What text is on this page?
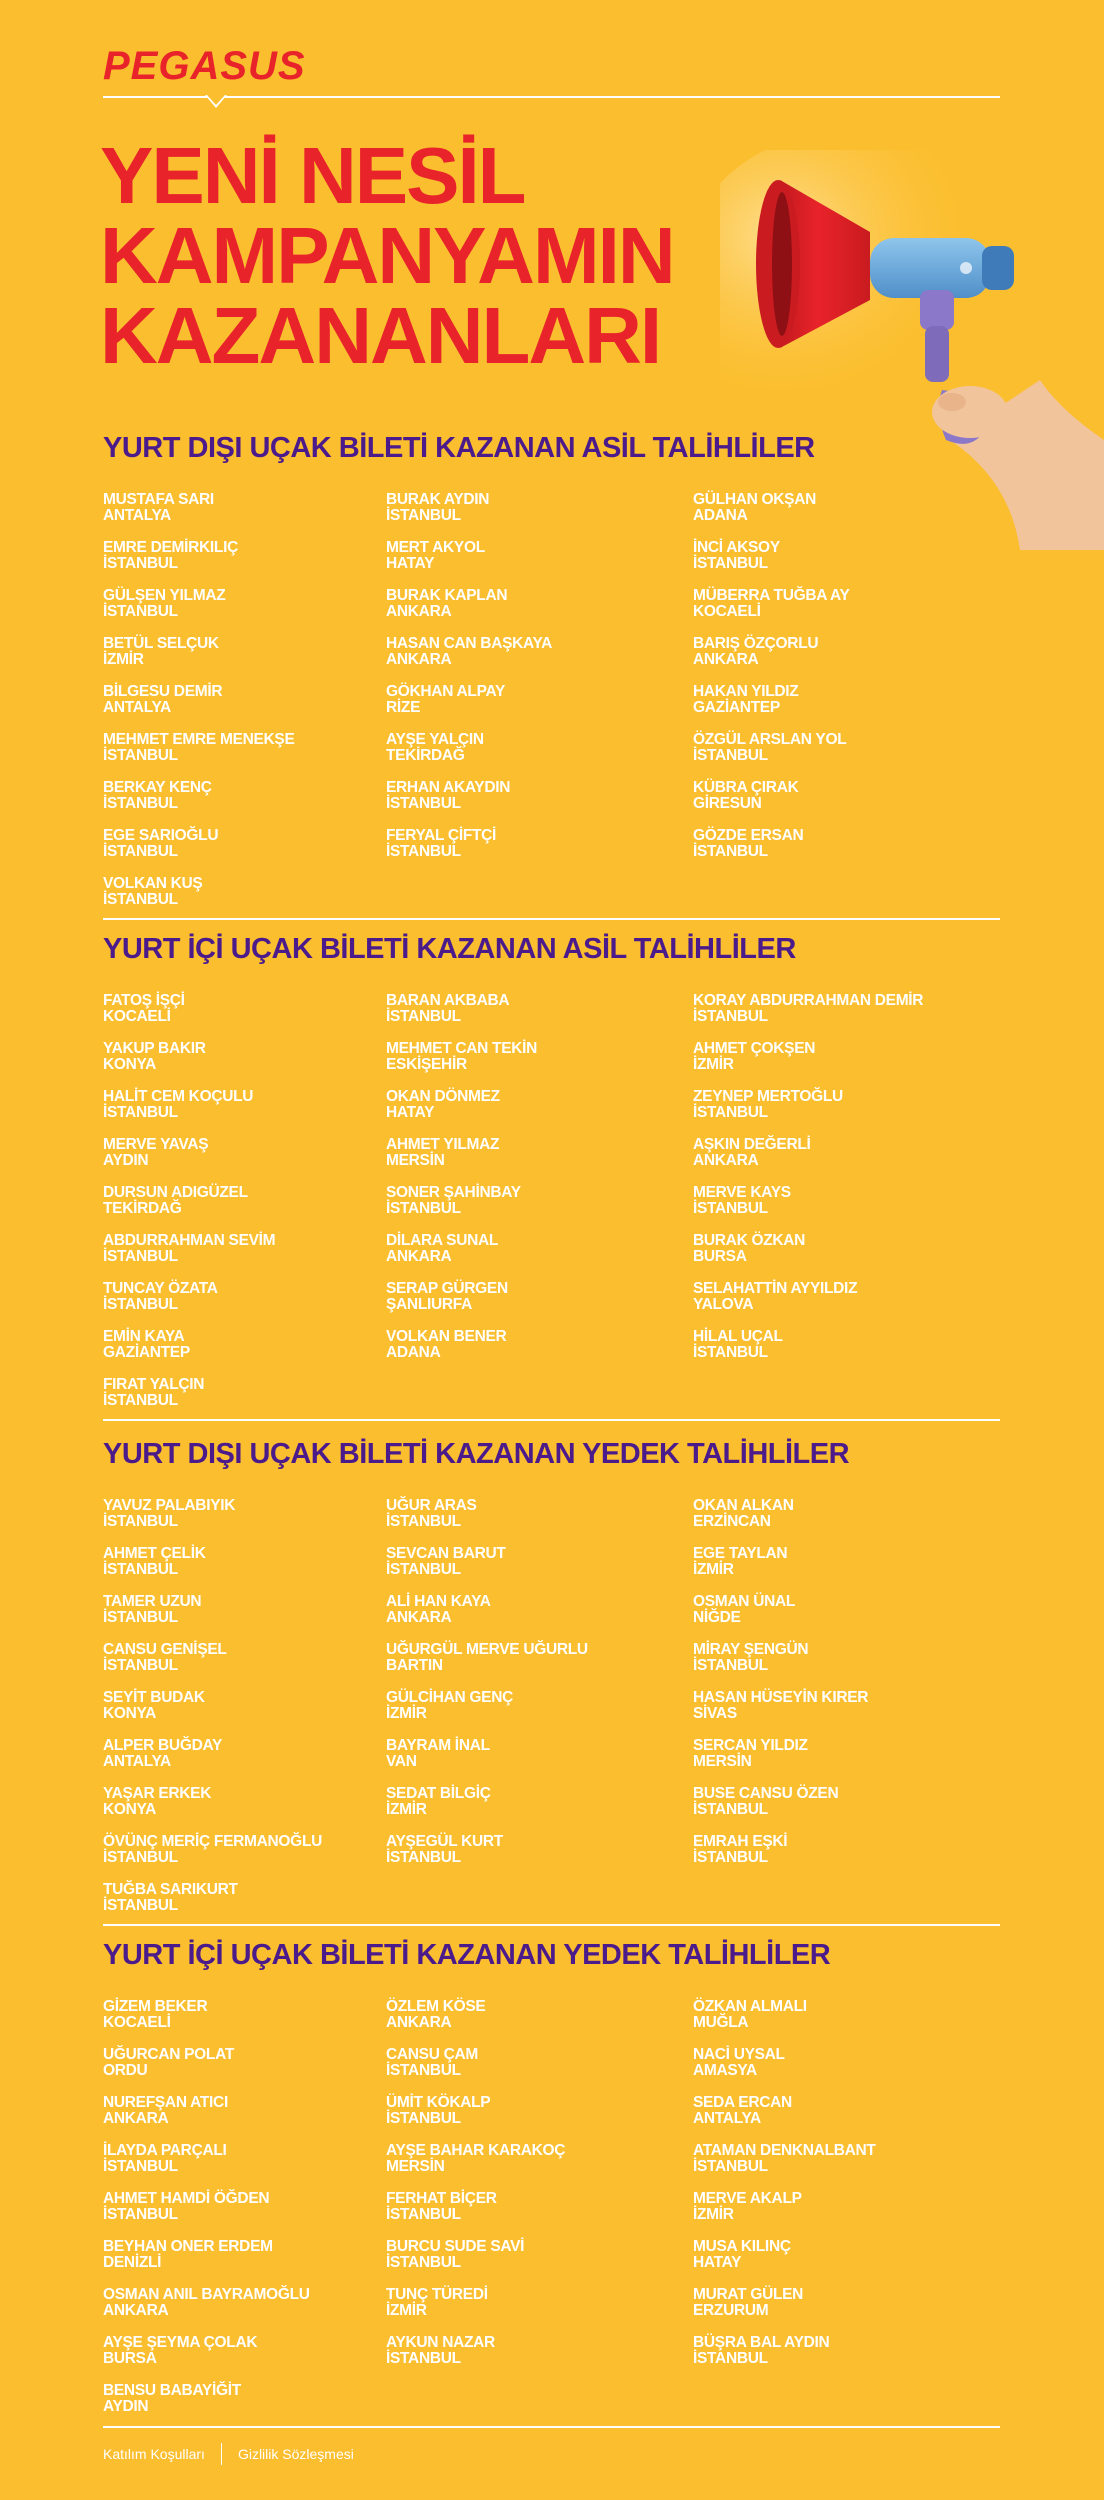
PEGASUS
YENİ NESİL
KAMPANYAMIN
KAZANANLARI
YURT DIŞI UÇAK BİLETİ KAZANAN ASİL TALİHLİLER
MUSTAFA SARI
ANTALYA
EMRE DEMİRKILIÇ
İSTANBUL
GÜLŞEN YILMAZ
İSTANBUL
BETÜL SELÇUK
İZMİR
BİLGESU DEMİR
ANTALYA
MEHMET EMRE MENEKŞE
İSTANBUL
BERKAY KENÇ
İSTANBUL
EGE SARIOĞLU
İSTANBUL
VOLKAN KUŞ
İSTANBUL
BURAK AYDIN
İSTANBUL
MERT AKYOL
HATAY
BURAK KAPLAN
ANKARA
HASAN CAN BAŞKAYA
ANKARA
GÖKHAN ALPAY
RİZE
AYŞE YALÇIN
TEKİRDAĞ
ERHAN AKAYDIN
İSTANBUL
FERYAL ÇİFTÇİ
İSTANBUL
GÜLHAN OKŞAN
ADANA
İNCİ AKSOY
İSTANBUL
MÜBERRA TUĞBA AY
KOCAELİ
BARIŞ ÖZÇORLU
ANKARA
HAKAN YILDIZ
GAZİANTEP
ÖZGÜL ARSLAN YOL
İSTANBUL
KÜBRA ÇIRAK
GİRESUN
GÖZDE ERSAN
İSTANBUL
YURT İÇİ UÇAK BİLETİ KAZANAN ASİL TALİHLİLER
FATOŞ İŞÇİ
KOCAELİ
YAKUP BAKIR
KONYA
HALİT CEM KOÇULU
İSTANBUL
MERVE YAVAŞ
AYDIN
DURSUN ADIGÜZEL
TEKİRDAĞ
ABDURRAHMAN SEVİM
İSTANBUL
TUNCAY ÖZATA
İSTANBUL
EMİN KAYA
GAZİANTEP
FIRAT YALÇIN
İSTANBUL
BARAN AKBABA
İSTANBUL
MEHMET CAN TEKİN
ESKİŞEHİR
OKAN DÖNMEZ
HATAY
AHMET YILMAZ
MERSİN
SONER ŞAHİNBAY
İSTANBUL
DİLARA SUNAL
ANKARA
SERAP GÜRGEN
ŞANLIURFA
VOLKAN BENER
ADANA
KORAY ABDURRAHMAN DEMİR
İSTANBUL
AHMET ÇOKŞEN
İZMİR
ZEYNEP MERTOĞLU
İSTANBUL
AŞKIN DEĞERLİ
ANKARA
MERVE KAYS
İSTANBUL
BURAK ÖZKAN
BURSA
SELAHATTİN AYYILDIZ
YALOVA
HİLAL UÇAL
İSTANBUL
YURT DIŞI UÇAK BİLETİ KAZANAN YEDEK TALİHLİLER
YAVUZ PALABIYIK
İSTANBUL
AHMET ÇELİK
İSTANBUL
TAMER UZUN
İSTANBUL
CANSU GENİŞEL
İSTANBUL
SEYİT BUDAK
KONYA
ALPER BUĞDAY
ANTALYA
YAŞAR ERKEK
KONYA
ÖVÜNÇ MERİÇ FERMANOĞLU
İSTANBUL
TUĞBA SARIKURT
İSTANBUL
UĞUR ARAS
İSTANBUL
SEVCAN BARUT
İSTANBUL
ALİ HAN KAYA
ANKARA
UĞURGÜL MERVE UĞURLU
BARTIN
GÜLCİHAN GENÇ
İZMİR
BAYRAM İNAL
VAN
SEDAT BİLGİÇ
İZMİR
AYŞEGÜL KURT
İSTANBUL
OKAN ALKAN
ERZİNCAN
EGE TAYLAN
İZMİR
OSMAN ÜNAL
NİĞDE
MİRAY ŞENGÜN
İSTANBUL
HASAN HÜSEYİN KIRER
SİVAS
SERCAN YILDIZ
MERSİN
BUSE CANSU ÖZEN
İSTANBUL
EMRAH EŞKİ
İSTANBUL
YURT İÇİ UÇAK BİLETİ KAZANAN YEDEK TALİHLİLER
GİZEM BEKER
KOCAELİ
UĞURCAN POLAT
ORDU
NUREFŞAN ATICI
ANKARA
İLAYDA PARÇALI
İSTANBUL
AHMET HAMDİ ÖĞDEN
İSTANBUL
BEYHAN ONER ERDEM
DENİZLİ
OSMAN ANIL BAYRAMOĞLU
ANKARA
AYŞE ŞEYMA ÇOLAK
BURSA
BENSU BABAYİĞİT
AYDIN
ÖZLEM KÖSE
ANKARA
CANSU ÇAM
İSTANBUL
ÜMİT KÖKALP
İSTANBUL
AYŞE BAHAR KARAKOÇ
MERSİN
FERHAT BİÇER
İSTANBUL
BURCU SUDE SAVİ
İSTANBUL
TUNÇ TÜREDİ
İZMİR
AYKUN NAZAR
İSTANBUL
ÖZKAN ALMALI
MUĞLA
NACİ UYSAL
AMASYA
SEDA ERCAN
ANTALYA
ATAMAN DENKNALBANT
İSTANBUL
MERVE AKALP
İZMİR
MUSA KILINÇ
HATAY
MURAT GÜLEN
ERZURUM
BÜŞRA BAL AYDIN
İSTANBUL
Katılım Koşulları Gizlilik Sözleşmesi
